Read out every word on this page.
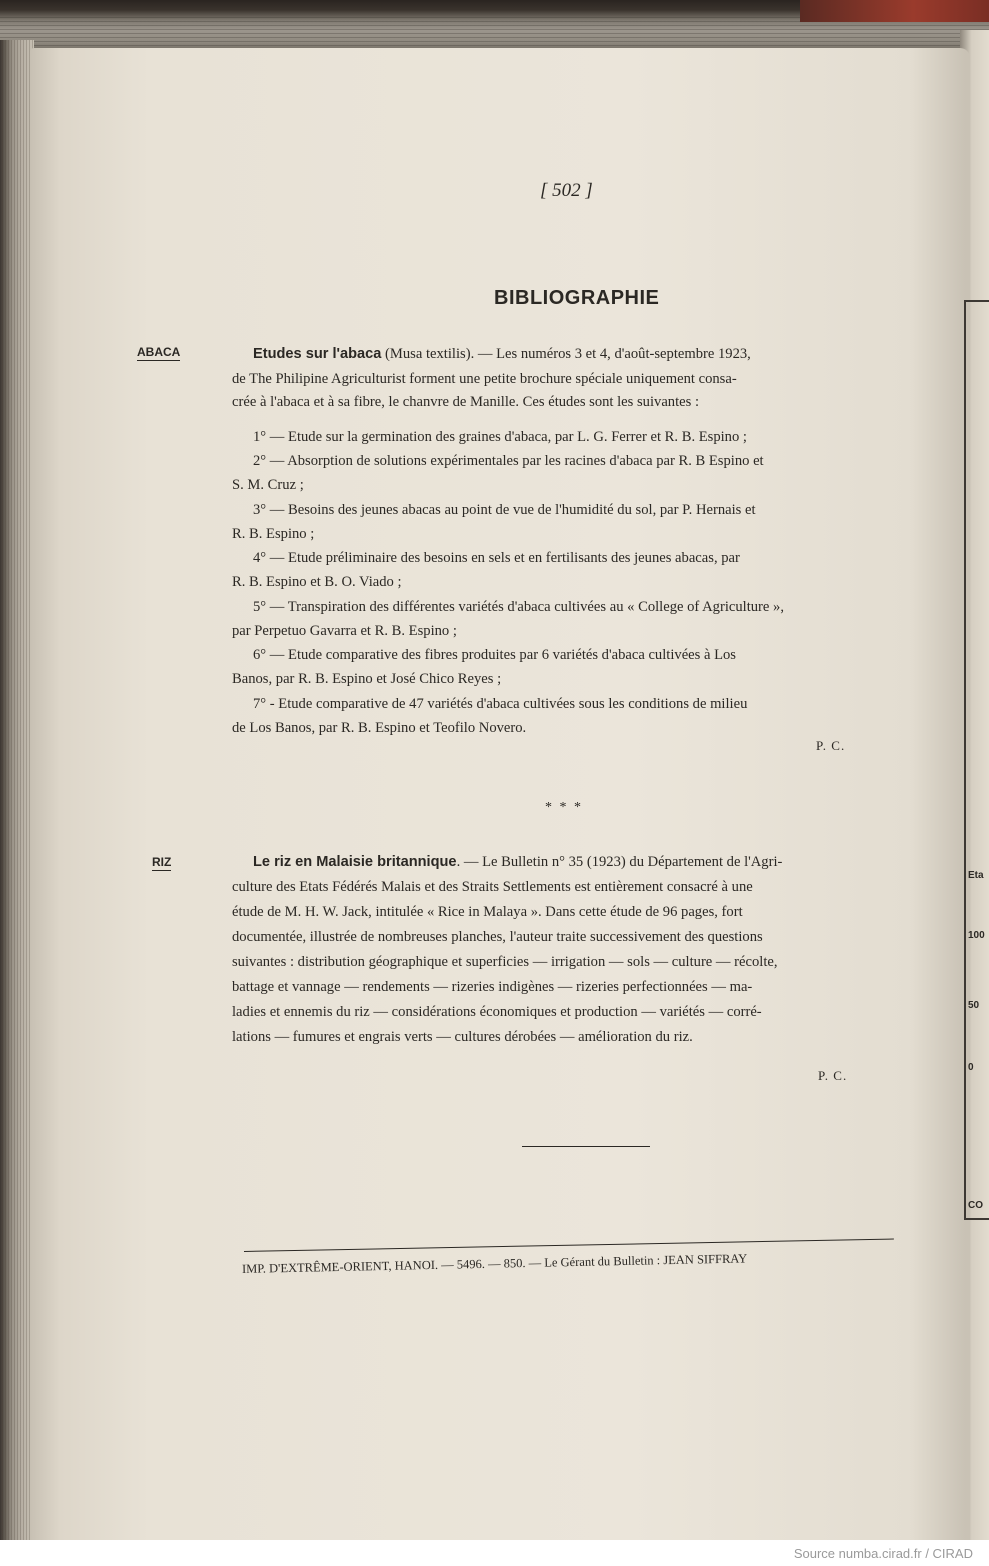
Eta
100
50
0
CO
[ 502 ]
BIBLIOGRAPHIE
ABACA	Etudes sur l'abaca (Musa textilis). — Les numéros 3 et 4, d'août-septembre 1923,
de The Philipine Agriculturist forment une petite brochure spéciale uniquement consa-
crée à l'abaca et à sa fibre, le chanvre de Manille. Ces études sont les suivantes :
1° — Etude sur la germination des graines d'abaca, par L. G. Ferrer et R. B. Espino ;
2° — Absorption de solutions expérimentales par les racines d'abaca par R. B Espino et
S. M. Cruz ;
3° — Besoins des jeunes abacas au point de vue de l'humidité du sol, par P. Hernais et
R. B. Espino ;
4° — Etude préliminaire des besoins en sels et en fertilisants des jeunes abacas, par
R. B. Espino et B. O. Viado ;
5° — Transpiration des différentes variétés d'abaca cultivées au « College of Agriculture »,
par Perpetuo Gavarra et R. B. Espino ;
6° — Etude comparative des fibres produites par 6 variétés d'abaca cultivées à Los
Banos, par R. B. Espino et José Chico Reyes ;
7° - Etude comparative de 47 variétés d'abaca cultivées sous les conditions de milieu
de Los Banos, par R. B. Espino et Teofilo Novero.
P. C.
* * *
RIZ	Le riz en Malaisie britannique. — Le Bulletin n° 35 (1923) du Département de l'Agri-
culture des Etats Fédérés Malais et des Straits Settlements est entièrement consacré à une
étude de M. H. W. Jack, intitulée « Rice in Malaya ». Dans cette étude de 96 pages, fort
documentée, illustrée de nombreuses planches, l'auteur traite successivement des questions
suivantes : distribution géographique et superficies — irrigation — sols — culture — récolte,
battage et vannage — rendements — rizeries indigènes — rizeries perfectionnées — ma-
ladies et ennemis du riz — considérations économiques et production — variétés — corré-
lations — fumures et engrais verts — cultures dérobées — amélioration du riz.
P. C.
IMP. D'EXTRÊME-ORIENT, HANOI. — 5496. — 850. — Le Gérant du Bulletin : JEAN SIFFRAY
Source numba.cirad.fr / CIRAD
